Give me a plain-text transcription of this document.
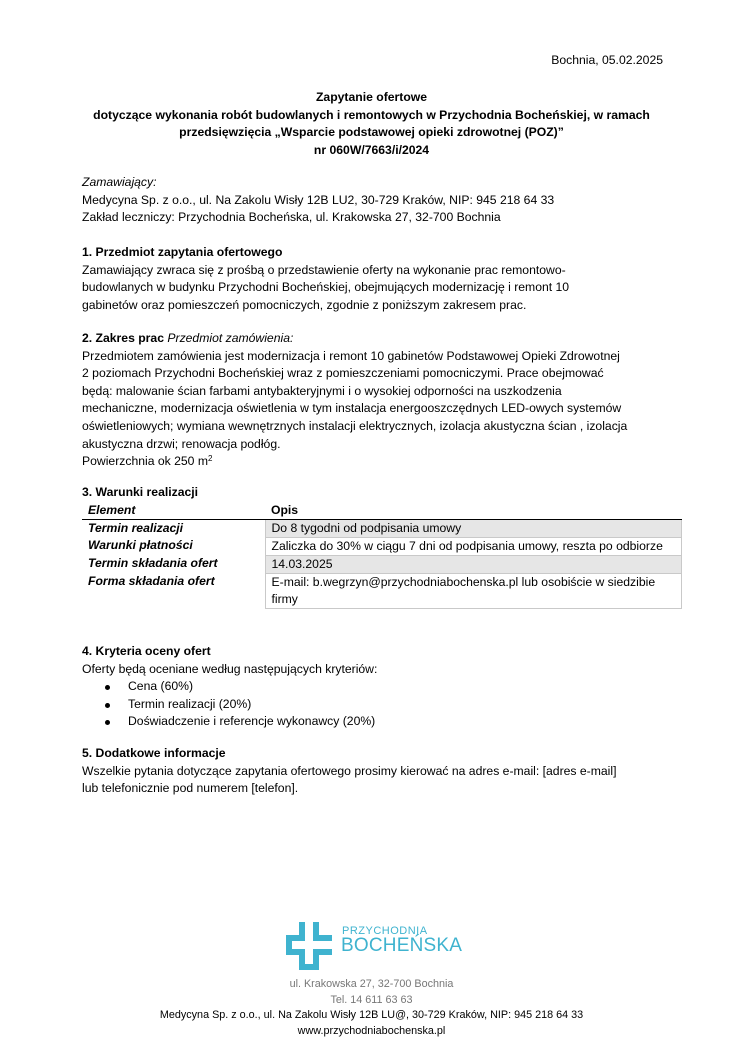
Bochnia, 05.02.2025
Zapytanie ofertowe
dotyczące wykonania robót budowlanych i remontowych w Przychodnia Bocheńskiej, w ramach
przedsięwzięcia „Wsparcie podstawowej opieki zdrowotnej (POZ)”
nr 060W/7663/i/2024
Zamawiający:
Medycyna Sp. z o.o., ul. Na Zakolu Wisły 12B LU2, 30-729 Kraków, NIP: 945 218 64 33
Zakład leczniczy: Przychodnia Bocheńska, ul. Krakowska 27, 32-700 Bochnia
1. Przedmiot zapytania ofertowego

Zamawiający zwraca się z prośbą o przedstawienie oferty na wykonanie prac remontowo-

budowlanych w budynku Przychodni Bocheńskiej, obejmujących modernizację i remont 10

gabinetów oraz pomieszczeń pomocniczych, zgodnie z poniższym zakresem prac.

2. Zakres prac Przedmiot zamówienia:

Przedmiotem zamówienia jest modernizacja i remont 10 gabinetów Podstawowej Opieki Zdrowotnej

2 poziomach Przychodni Bocheńskiej wraz z pomieszczeniami pomocniczymi. Prace obejmować

będą: malowanie ścian farbami antybakteryjnymi i o wysokiej odporności na uszkodzenia

mechaniczne, modernizacja oświetlenia w tym instalacja energooszczędnych LED-owych systemów

oświetleniowych; wymiana wewnętrznych instalacji elektrycznych, izolacja akustyczna ścian , izolacja

akustyczna drzwi; renowacja podłóg.

Powierzchnia ok 250 $m^2$

3. Warunki realizacji
Element	Opis
Termin realizacji	Do 8 tygodni od podpisania umowy
Warunki płatności	Zaliczka do 30% w ciągu 7 dni od podpisania umowy, reszta po odbiorze
Termin składania ofert	14.03.2025
Forma składania ofert	E-mail: b.wegrzyn@przychodniabochenska.pl lub osobiście w siedzibie firmy
4. Kryteria oceny ofert

Oferty będą oceniane według następujących kryteriów:

Cena (60%)
Termin realizacji (20%)
Doświadczenie i referencje wykonawcy (20%)
5. Dodatkowe informacje

Wszelkie pytania dotyczące zapytania ofertowego prosimy kierować na adres e-mail: [adres e-mail]

lub telefonicznie pod numerem [telefon].

PRZYCHODNIA
BOCHEŃSKA
ul. Krakowska 27, 32-700 Bochnia
Tel. 14 611 63 63
Medycyna Sp. z o.o., ul. Na Zakolu Wisły 12B LU@, 30-729 Kraków, NIP: 945 218 64 33
www.przychodniabochenska.pl
